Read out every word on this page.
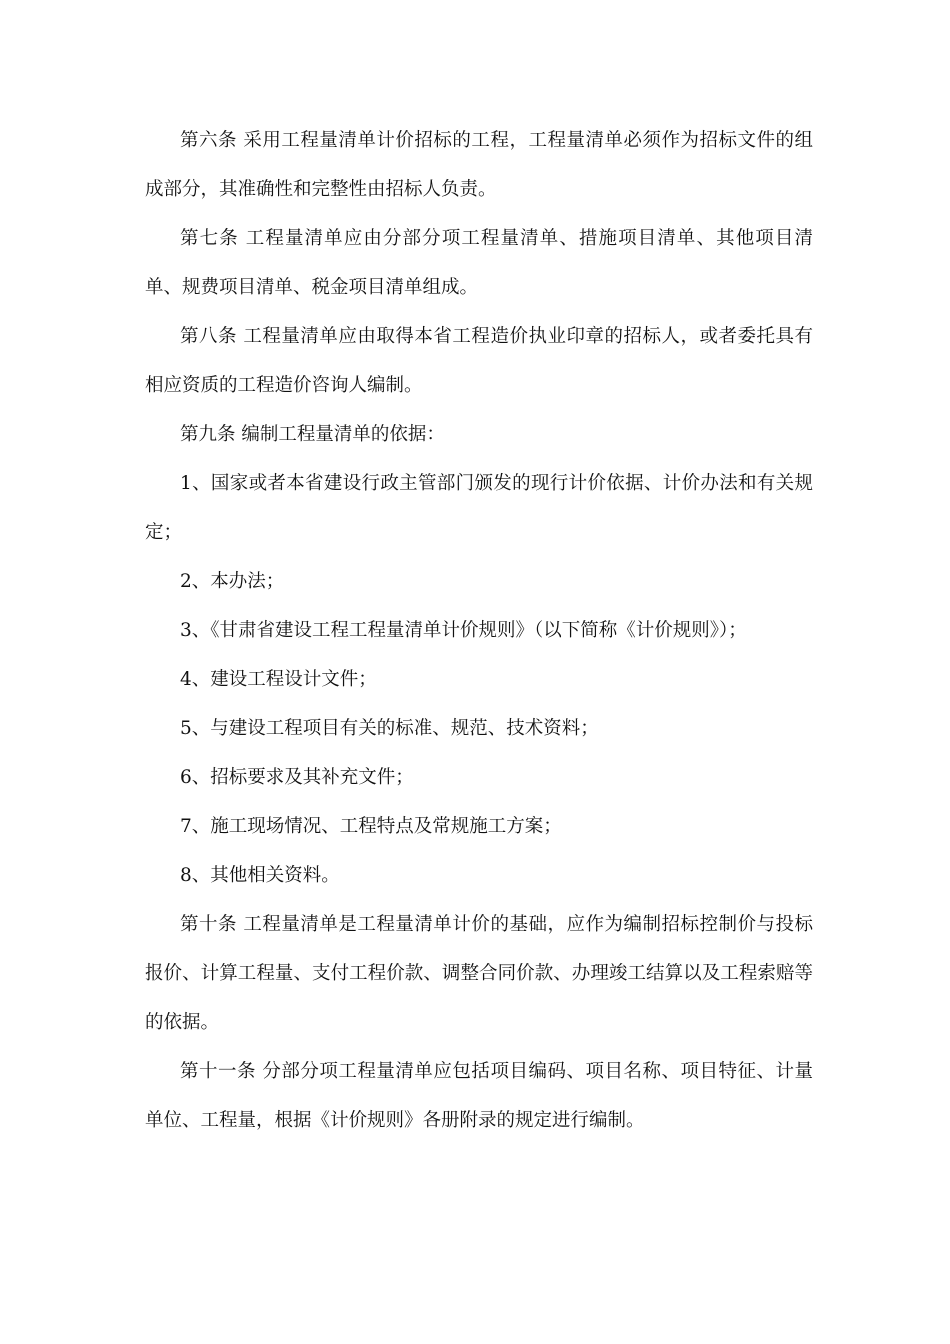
第六条 采用工程量清单计价招标的工程，工程量清单必须作为招标文件的组成部分，其准确性和完整性由招标人负责。

第七条 工程量清单应由分部分项工程量清单、措施项目清单、其他项目清单、规费项目清单、税金项目清单组成。

第八条 工程量清单应由取得本省工程造价执业印章的招标人，或者委托具有相应资质的工程造价咨询人编制。

第九条 编制工程量清单的依据：

1、国家或者本省建设行政主管部门颁发的现行计价依据、计价办法和有关规定；

2、本办法；

3、《甘肃省建设工程工程量清单计价规则》（以下简称《计价规则》）；

4、建设工程设计文件；

5、与建设工程项目有关的标准、规范、技术资料；

6、招标要求及其补充文件；

7、施工现场情况、工程特点及常规施工方案；

8、其他相关资料。

第十条 工程量清单是工程量清单计价的基础，应作为编制招标控制价与投标报价、计算工程量、支付工程价款、调整合同价款、办理竣工结算以及工程索赔等的依据。

第十一条 分部分项工程量清单应包括项目编码、项目名称、项目特征、计量单位、工程量，根据《计价规则》各册附录的规定进行编制。
